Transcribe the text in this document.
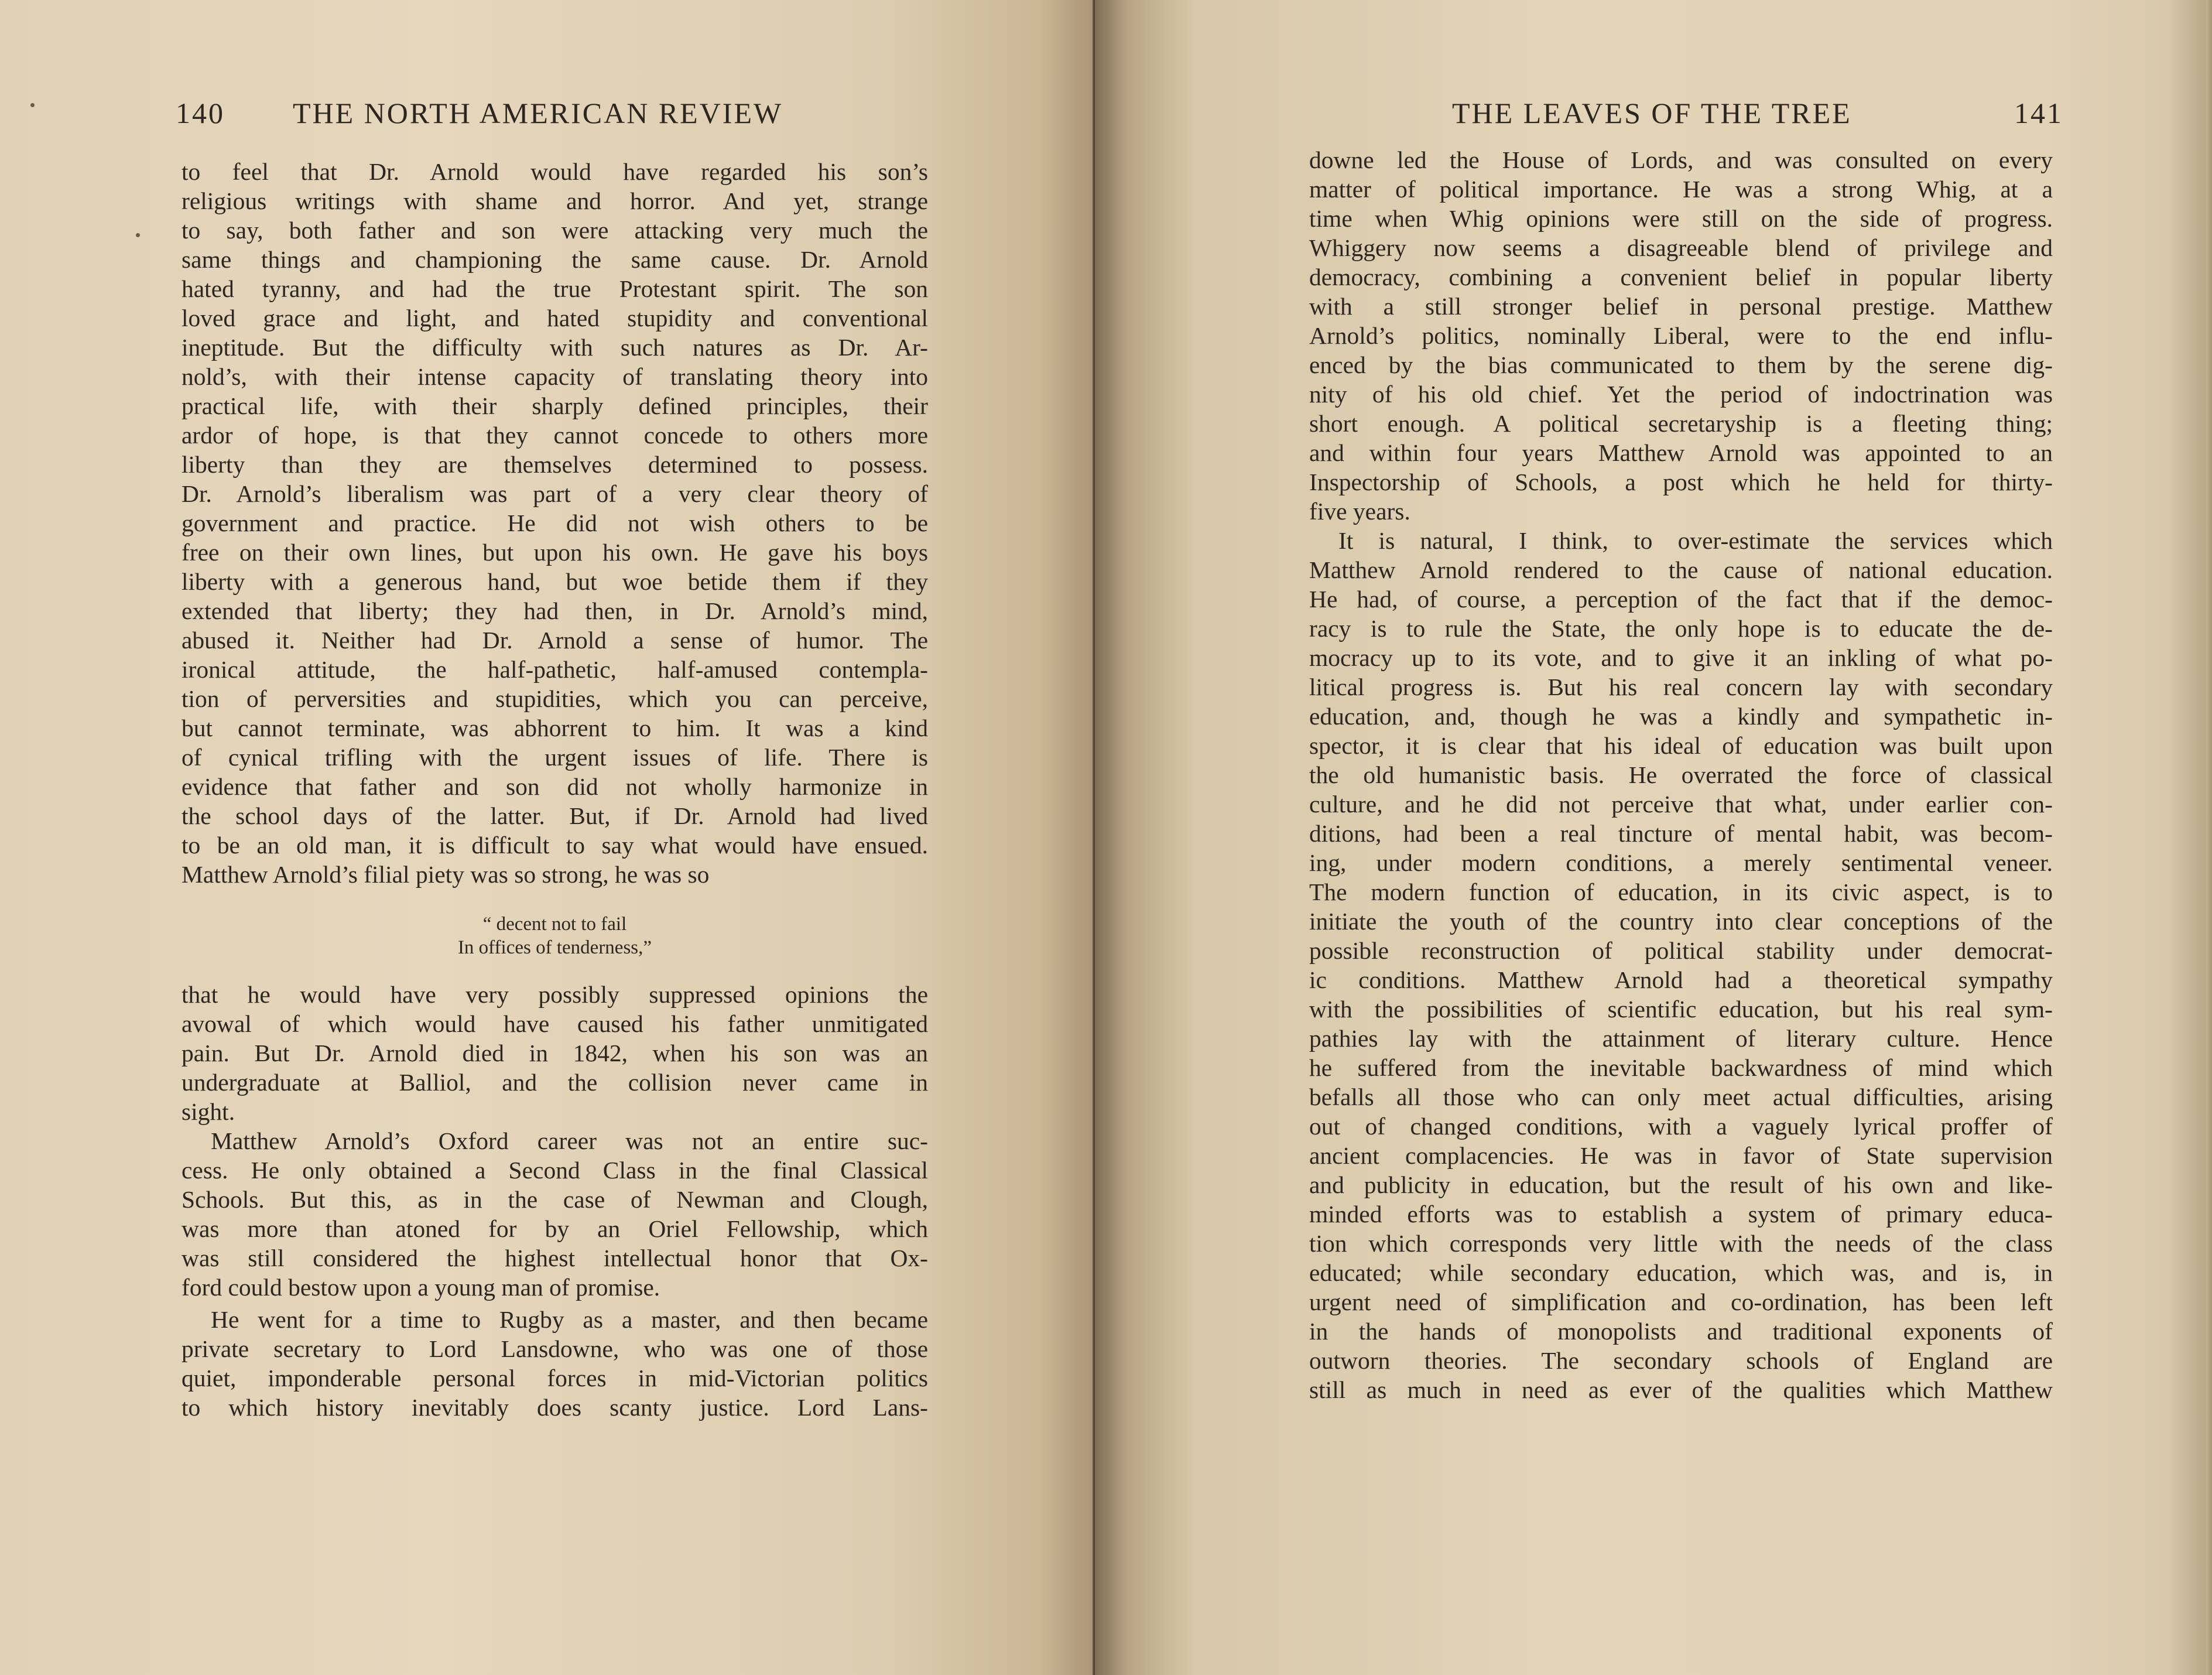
140 THE NORTH AMERICAN REVIEW
to feel that Dr. Arnold would have regarded his son’s
religious writings with shame and horror. And yet, strange
to say, both father and son were attacking very much the
same things and championing the same cause. Dr. Arnold
hated tyranny, and had the true Protestant spirit. The son
loved grace and light, and hated stupidity and conventional
ineptitude. But the difficulty with such natures as Dr. Ar-
nold’s, with their intense capacity of translating theory into
practical life, with their sharply defined principles, their
ardor of hope, is that they cannot concede to others more
liberty than they are themselves determined to possess.
Dr. Arnold’s liberalism was part of a very clear theory of
government and practice. He did not wish others to be
free on their own lines, but upon his own. He gave his boys
liberty with a generous hand, but woe betide them if they
extended that liberty; they had then, in Dr. Arnold’s mind,
abused it. Neither had Dr. Arnold a sense of humor. The
ironical attitude, the half-pathetic, half-amused contempla-
tion of perversities and stupidities, which you can perceive,
but cannot terminate, was abhorrent to him. It was a kind
of cynical trifling with the urgent issues of life. There is
evidence that father and son did not wholly harmonize in
the school days of the latter. But, if Dr. Arnold had lived
to be an old man, it is difficult to say what would have ensued.
Matthew Arnold’s filial piety was so strong, he was so
“ decent not to fail
In offices of tenderness,”
that he would have very possibly suppressed opinions the
avowal of which would have caused his father unmitigated
pain. But Dr. Arnold died in 1842, when his son was an
undergraduate at Balliol, and the collision never came in
sight.
Matthew Arnold’s Oxford career was not an entire suc-
cess. He only obtained a Second Class in the final Classical
Schools. But this, as in the case of Newman and Clough,
was more than atoned for by an Oriel Fellowship, which
was still considered the highest intellectual honor that Ox-
ford could bestow upon a young man of promise.
He went for a time to Rugby as a master, and then became
private secretary to Lord Lansdowne, who was one of those
quiet, imponderable personal forces in mid-Victorian politics
to which history inevitably does scanty justice. Lord Lans-
THE LEAVES OF THE TREE	141
downe led the House of Lords, and was consulted on every
matter of political importance. He was a strong Whig, at a
time when Whig opinions were still on the side of progress.
Whiggery now seems a disagreeable blend of privilege and
democracy, combining a convenient belief in popular liberty
with a still stronger belief in personal prestige. Matthew
Arnold’s politics, nominally Liberal, were to the end influ-
enced by the bias communicated to them by the serene dig-
nity of his old chief. Yet the period of indoctrination was
short enough. A political secretaryship is a fleeting thing;
and within four years Matthew Arnold was appointed to an
Inspectorship of Schools, a post which he held for thirty-
five years.
It is natural, I think, to over-estimate the services which
Matthew Arnold rendered to the cause of national education.
He had, of course, a perception of the fact that if the democ-
racy is to rule the State, the only hope is to educate the de-
mocracy up to its vote, and to give it an inkling of what po-
litical progress is. But his real concern lay with secondary
education, and, though he was a kindly and sympathetic in-
spector, it is clear that his ideal of education was built upon
the old humanistic basis. He overrated the force of classical
culture, and he did not perceive that what, under earlier con-
ditions, had been a real tincture of mental habit, was becom-
ing, under modern conditions, a merely sentimental veneer.
The modern function of education, in its civic aspect, is to
initiate the youth of the country into clear conceptions of the
possible reconstruction of political stability under democrat-
ic conditions. Matthew Arnold had a theoretical sympathy
with the possibilities of scientific education, but his real sym-
pathies lay with the attainment of literary culture. Hence
he suffered from the inevitable backwardness of mind which
befalls all those who can only meet actual difficulties, arising
out of changed conditions, with a vaguely lyrical proffer of
ancient complacencies. He was in favor of State supervision
and publicity in education, but the result of his own and like-
minded efforts was to establish a system of primary educa-
tion which corresponds very little with the needs of the class
educated; while secondary education, which was, and is, in
urgent need of simplification and co-ordination, has been left
in the hands of monopolists and traditional exponents of
outworn theories. The secondary schools of England are
still as much in need as ever of the qualities which Matthew
